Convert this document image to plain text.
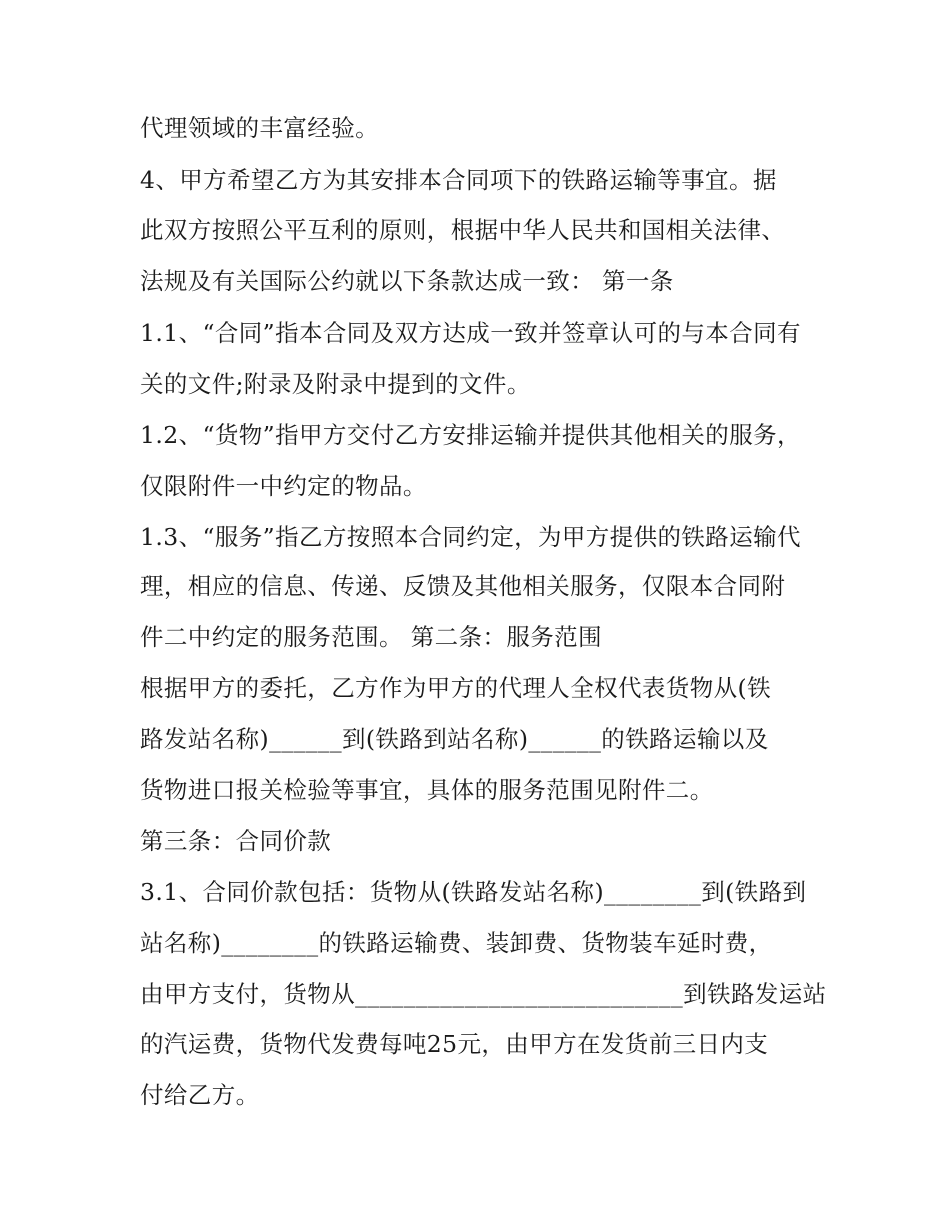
代理领域的丰富经验。
4、甲方希望乙方为其安排本合同项下的铁路运输等事宜。据
此双方按照公平互利的原则，根据中华人民共和国相关法律、
法规及有关国际公约就以下条款达成一致： 第一条
1.1、“合同”指本合同及双方达成一致并签章认可的与本合同有
关的文件;附录及附录中提到的文件。
1.2、“货物”指甲方交付乙方安排运输并提供其他相关的服务，
仅限附件一中约定的物品。
1.3、“服务”指乙方按照本合同约定，为甲方提供的铁路运输代
理，相应的信息、传递、反馈及其他相关服务，仅限本合同附
件二中约定的服务范围。 第二条：服务范围
根据甲方的委托，乙方作为甲方的代理人全权代表货物从(铁
路发站名称)______到(铁路到站名称)______的铁路运输以及
货物进口报关检验等事宜，具体的服务范围见附件二。
第三条：合同价款
3.1、合同价款包括：货物从(铁路发站名称)________到(铁路到
站名称)________的铁路运输费、装卸费、货物装车延时费，
由甲方支付，货物从___________________________到铁路发运站
的汽运费，货物代发费每吨25元，由甲方在发货前三日内支
付给乙方。
